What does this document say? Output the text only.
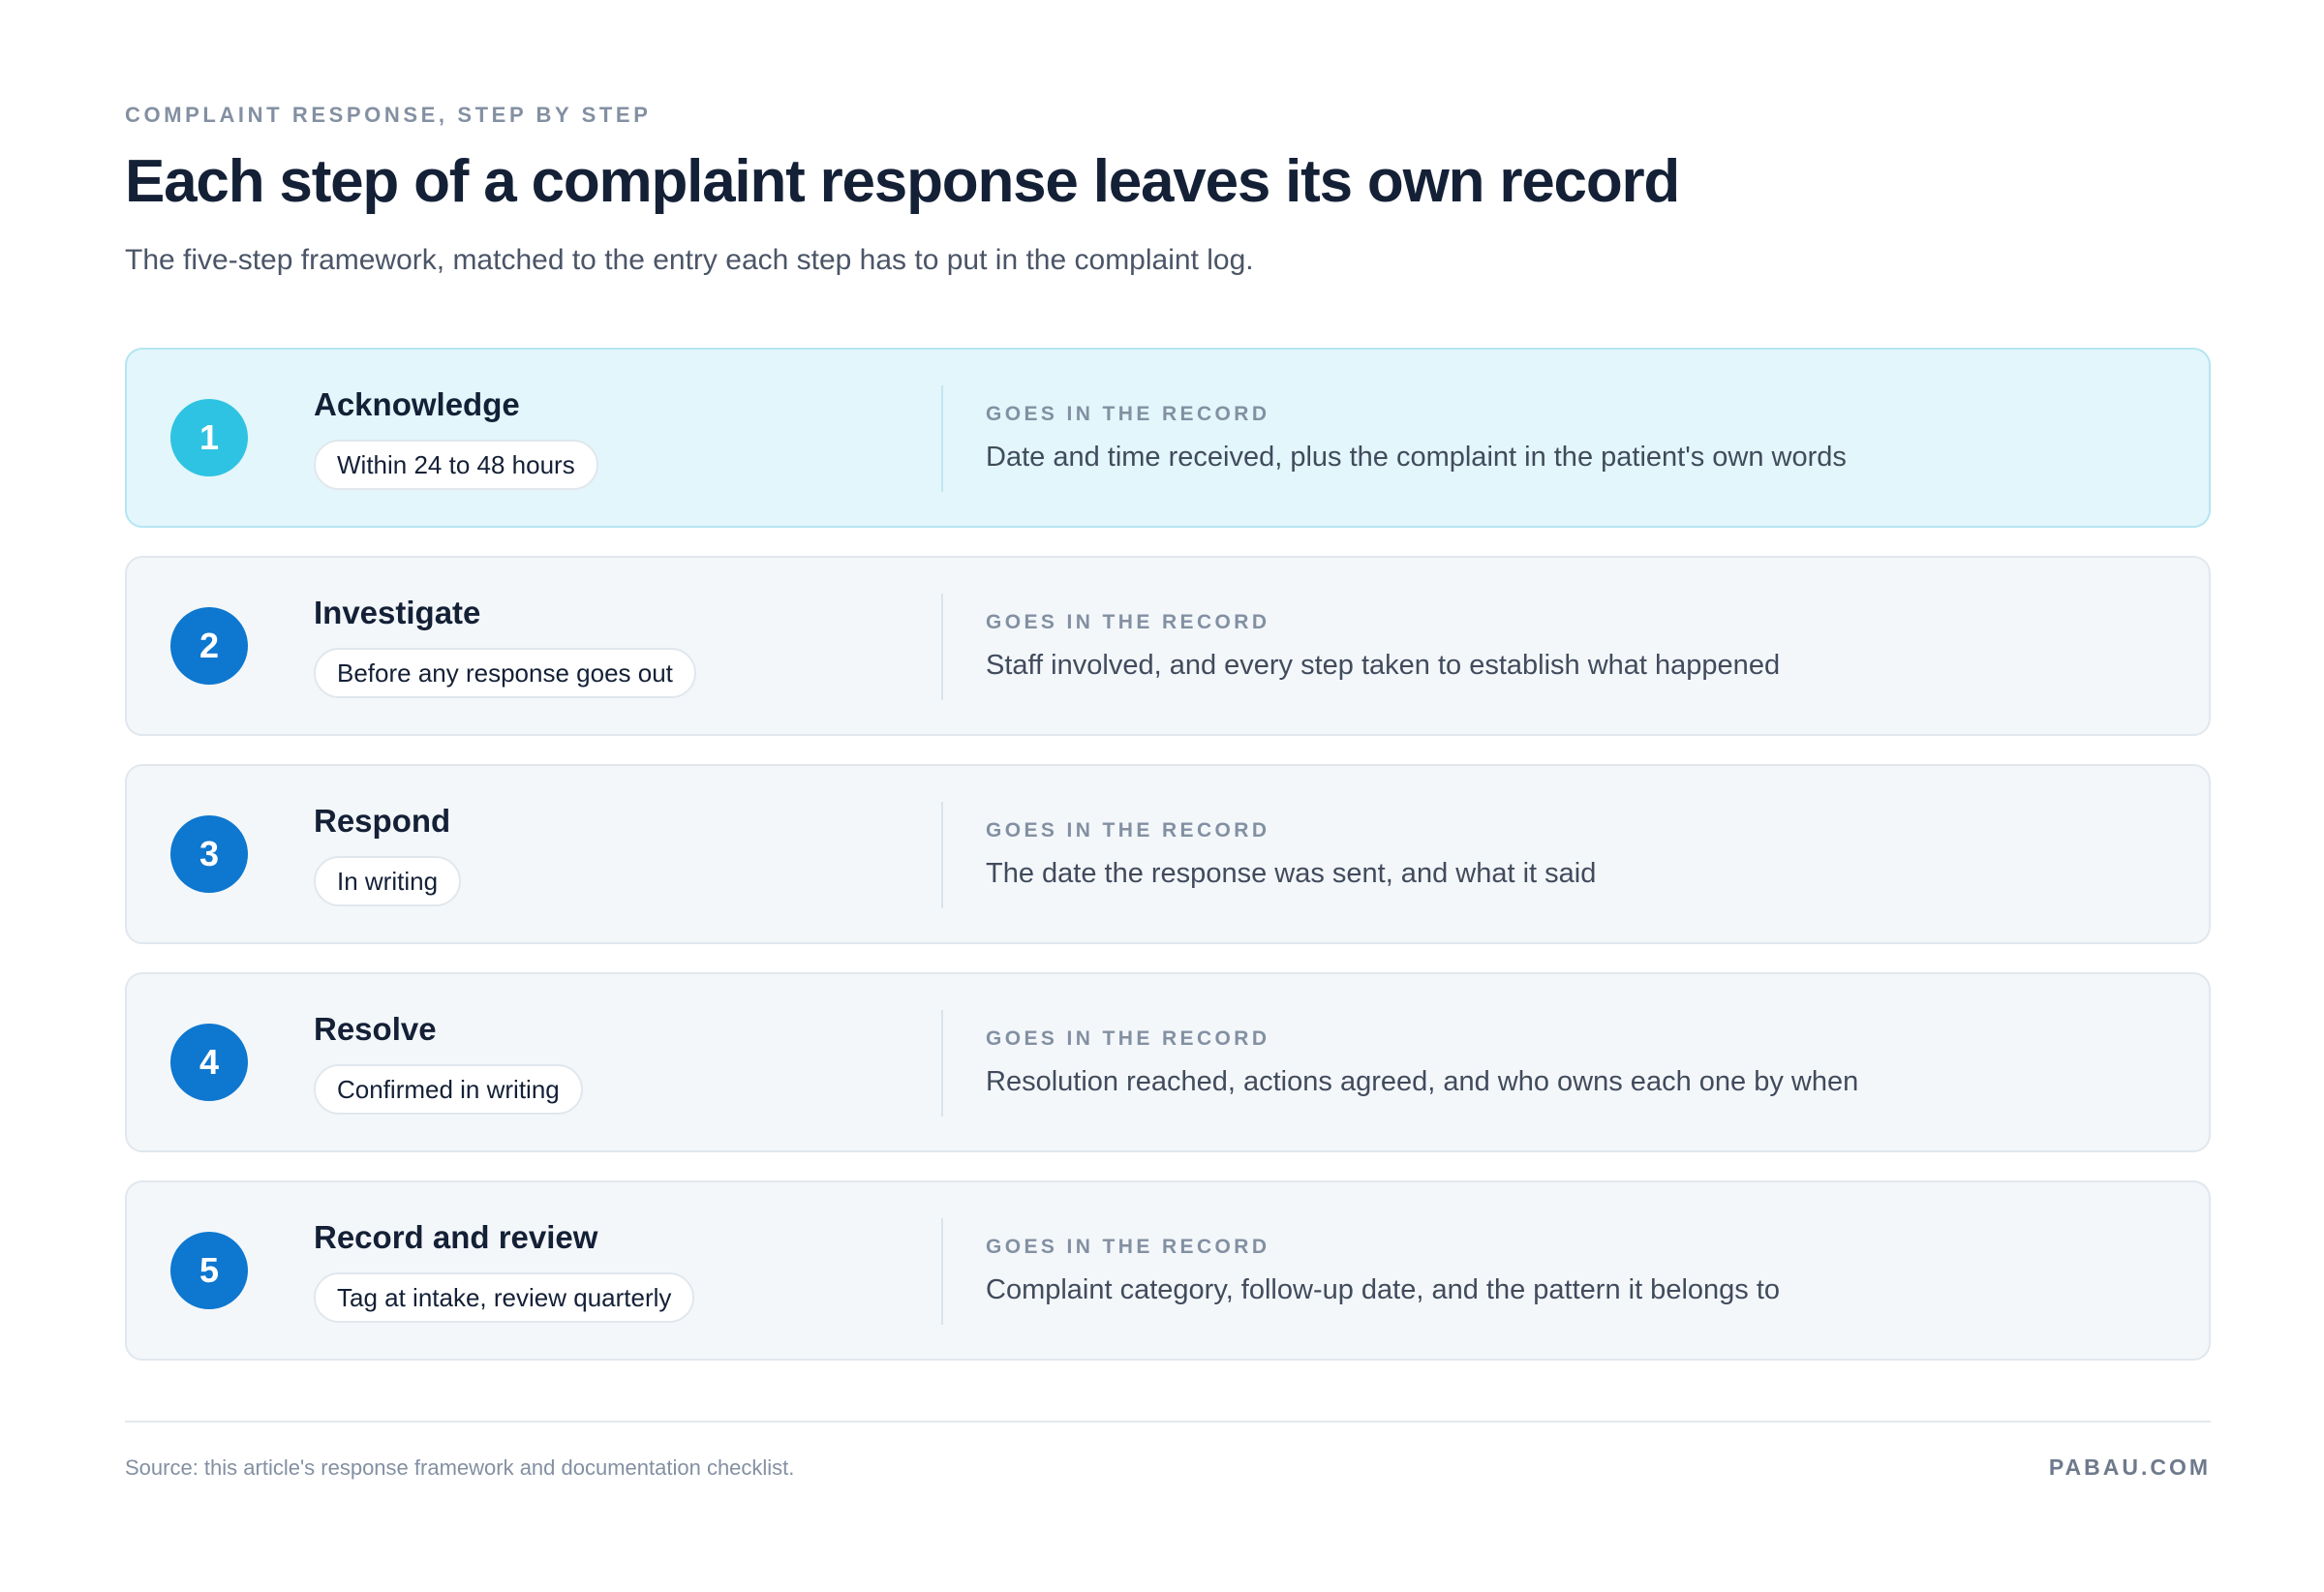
COMPLAINT RESPONSE, STEP BY STEP
Each step of a complaint response leaves its own record

The five-step framework, matched to the entry each step has to put in the complaint log.

1
Acknowledge
Within 24 to 48 hours
GOES IN THE RECORD
Date and time received, plus the complaint in the patient's own words
2
Investigate
Before any response goes out
GOES IN THE RECORD
Staff involved, and every step taken to establish what happened
3
Respond
In writing
GOES IN THE RECORD
The date the response was sent, and what it said
4
Resolve
Confirmed in writing
GOES IN THE RECORD
Resolution reached, actions agreed, and who owns each one by when
5
Record and review
Tag at intake, review quarterly
GOES IN THE RECORD
Complaint category, follow-up date, and the pattern it belongs to
Source: this article's response framework and documentation checklist.	PABAU.COM
